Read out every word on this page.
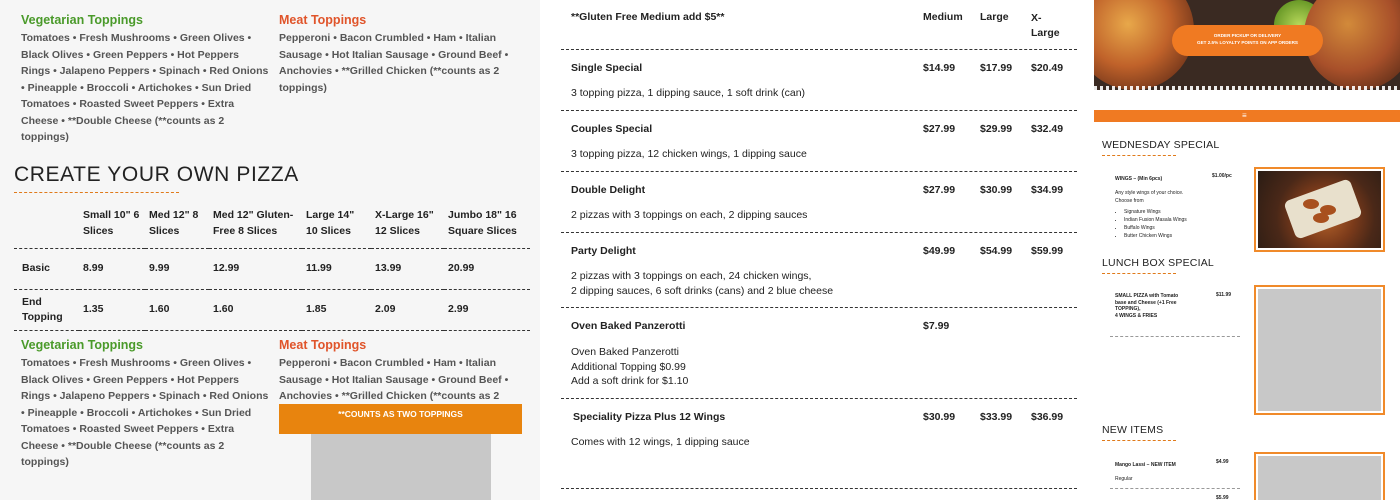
Vegetarian Toppings
Tomatoes • Fresh Mushrooms • Green Olives • Black Olives • Green Peppers • Hot Peppers Rings • Jalapeno Peppers • Spinach • Red Onions • Pineapple • Broccoli • Artichokes • Sun Dried Tomatoes • Roasted Sweet Peppers • Extra Cheese • **Double Cheese (**counts as 2 toppings)
Meat Toppings
Pepperoni • Bacon Crumbled • Ham • Italian Sausage • Hot Italian Sausage • Ground Beef • Anchovies • **Grilled Chicken (**counts as 2 toppings)
CREATE YOUR OWN PIZZA
	Small 10" 6 Slices	Med 12" 8 Slices	Med 12" Gluten-Free 8 Slices	Large 14" 10 Slices	X-Large 16" 12 Slices	Jumbo 18" 16 Square Slices
Basic	8.99	9.99	12.99	11.99	13.99	20.99
End Topping	1.35	1.60	1.60	1.85	2.09	2.99
Vegetarian Toppings
Tomatoes • Fresh Mushrooms • Green Olives • Black Olives • Green Peppers • Hot Peppers Rings • Jalapeno Peppers • Spinach • Red Onions • Pineapple • Broccoli • Artichokes • Sun Dried Tomatoes • Roasted Sweet Peppers • Extra Cheese • **Double Cheese (**counts as 2 toppings)
Meat Toppings
Pepperoni • Bacon Crumbled • Ham • Italian Sausage • Hot Italian Sausage • Ground Beef • Anchovies • **Grilled Chicken (**counts as 2
**COUNTS AS TWO TOPPINGS
**Gluten Free Medium add $5**	Medium Large X-
Large
Single Special	$14.99 $17.99 $20.49
3 topping pizza, 1 dipping sauce, 1 soft drink (can)
Couples Special	$27.99 $29.99 $32.49
3 topping pizza, 12 chicken wings, 1 dipping sauce
Double Delight	$27.99 $30.99 $34.99
2 pizzas with 3 toppings on each, 2 dipping sauces
Party Delight	$49.99 $54.99 $59.99
2 pizzas with 3 toppings on each, 24 chicken wings,
2 dipping sauces, 6 soft drinks (cans) and 2 blue cheese
Oven Baked Panzerotti	$7.99
Oven Baked Panzerotti
Additional Topping $0.99
Add a soft drink for $1.10
Speciality Pizza Plus 12 Wings	$30.99 $33.99 $36.99
Comes with 12 wings, 1 dipping sauce
ORDER PICKUP OR DELIVERY
GET 2.5% LOYALTY POINTS ON APP ORDERS
≡
WEDNESDAY SPECIAL
WINGS – (Min 6pcs)	$1.00/pc
Any style wings of your choice.
Choose from
• Signature Wings
• Indian Fusion Masala Wings
• Buffalo Wings
• Butter Chicken Wings
LUNCH BOX SPECIAL
SMALL PIZZA with Tomato
base and Cheese (+1 Free
TOPPING),
4 WINGS & FRIES
$11.99
NEW ITEMS
Mango Lassi – NEW ITEM	$4.99
Regular
$5.99
